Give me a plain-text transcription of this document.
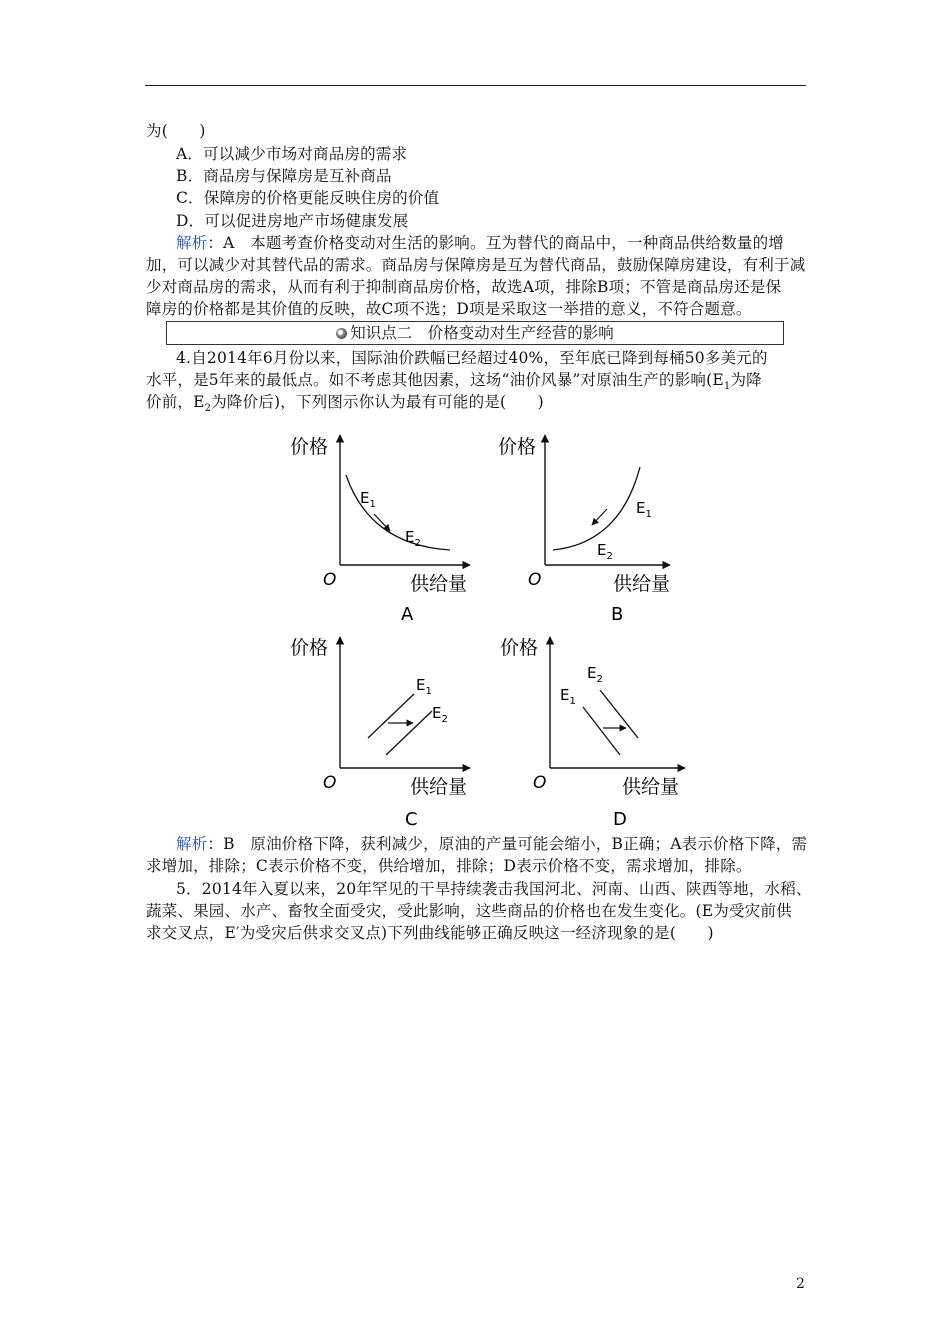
为(　　)
A．可以减少市场对商品房的需求
B．商品房与保障房是互补商品
C．保障房的价格更能反映住房的价值
D．可以促进房地产市场健康发展
解析：A　本题考查价格变动对生活的影响。互为替代的商品中，一种商品供给数量的增
加，可以减少对其替代品的需求。商品房与保障房是互为替代商品，鼓励保障房建设，有利于减
少对商品房的需求，从而有利于抑制商品房价格，故选A项，排除B项；不管是商品房还是保
障房的价格都是其价值的反映，故C项不选；D项是采取这一举措的意义，不符合题意。
知识点二　价格变动对生产经营的影响
4.自2014年6月份以来，国际油价跌幅已经超过40%，至年底已降到每桶50多美元的
水平，是5年来的最低点。如不考虑其他因素，这场“油价风暴”对原油生产的影响($E_1$为降
价前，$E_2$为降价后)，下列图示你认为最有可能的是(　　)
价格
供给量
O
$E_1$
$E_2$
A
价格
供给量
O
$E_1$
$E_2$
B
价格
供给量
O
$E_1$
$E_2$
C
价格
供给量
O
$E_1$
$E_2$
D
解析：B　原油价格下降，获利减少，原油的产量可能会缩小，B正确；A表示价格下降，需
求增加，排除；C表示价格不变，供给增加，排除；D表示价格不变，需求增加，排除。
5．2014年入夏以来，20年罕见的干旱持续袭击我国河北、河南、山西、陕西等地，水稻、
蔬菜、果园、水产、畜牧全面受灾，受此影响，这些商品的价格也在发生变化。(E为受灾前供
求交叉点，E′为受灾后供求交叉点)下列曲线能够正确反映这一经济现象的是(　　)
2
